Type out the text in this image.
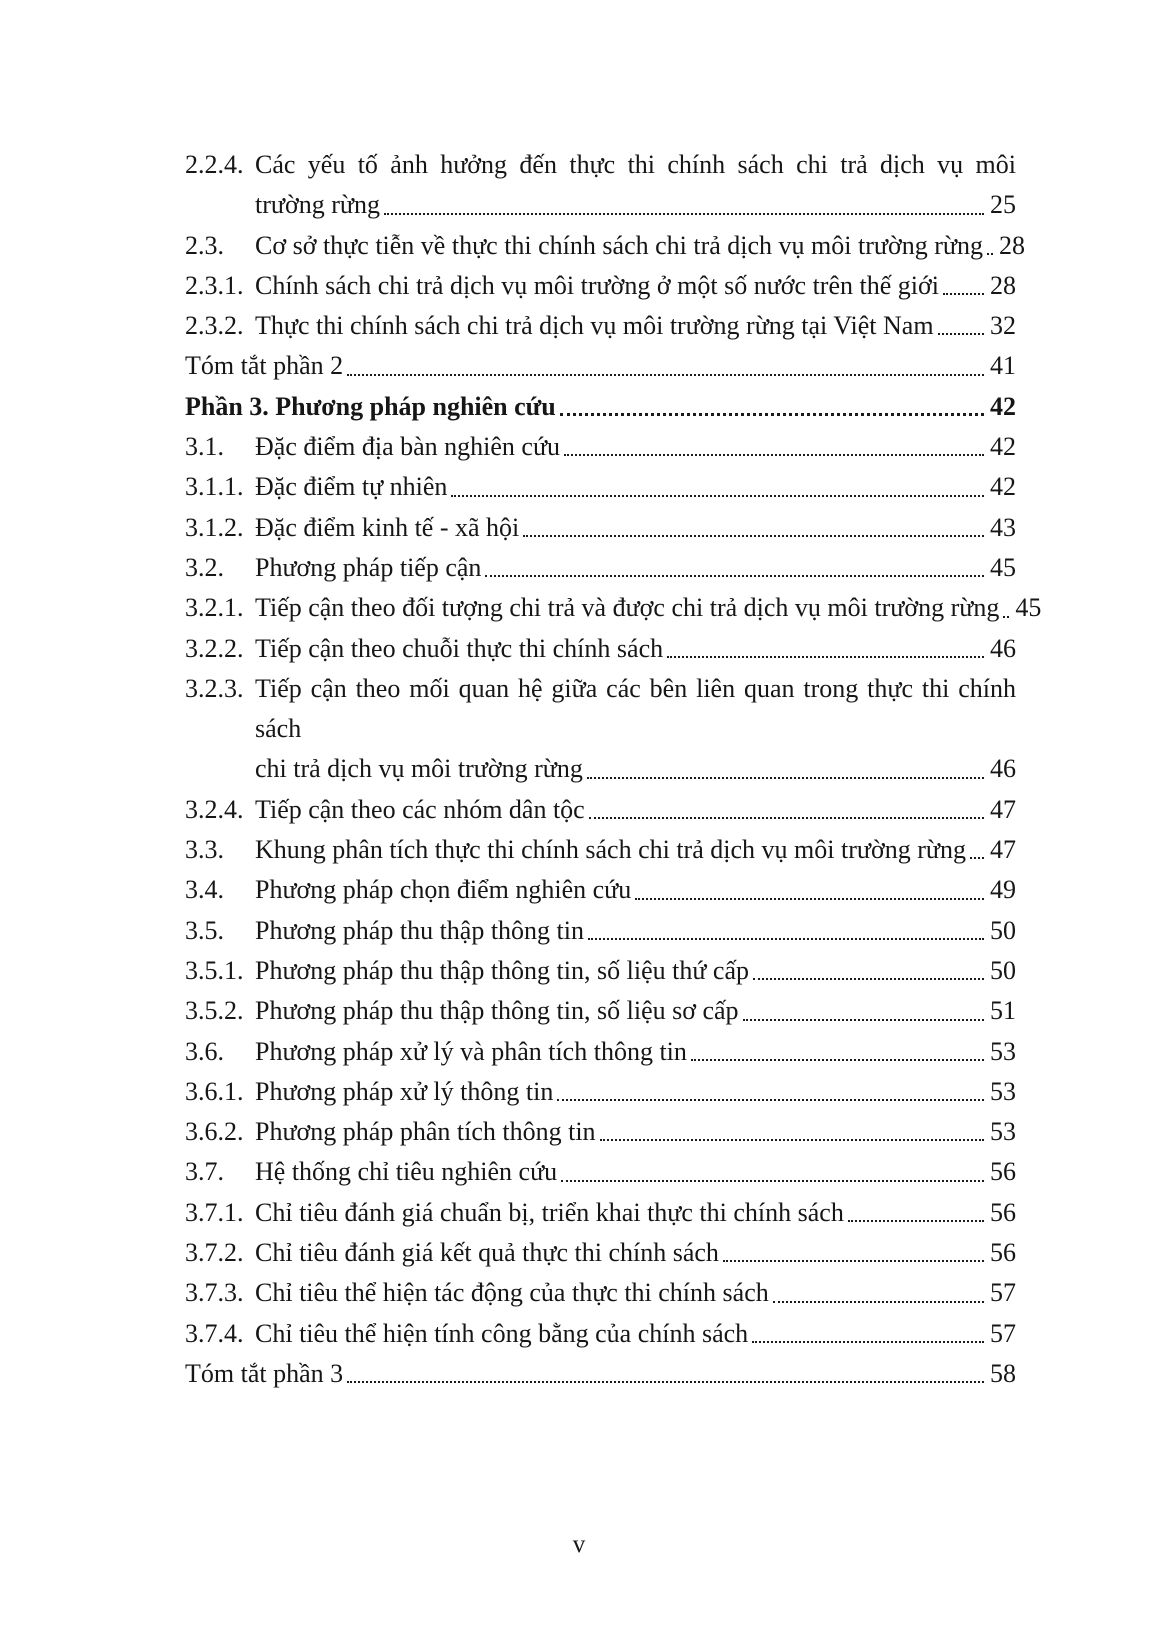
2.2.4. Các yếu tố ảnh hưởng đến thực thi chính sách chi trả dịch vụ môi
trường rừng	25
2.3.	Cơ sở thực tiễn về thực thi chính sách chi trả dịch vụ môi trường rừng 28
2.3.1. Chính sách chi trả dịch vụ môi trường ở một số nước trên thế giới 28
2.3.2. Thực thi chính sách chi trả dịch vụ môi trường rừng tại Việt Nam 32
Tóm tắt phần 2	41
Phần 3. Phương pháp nghiên cứu	42
3.1.	Đặc điểm địa bàn nghiên cứu	42
3.1.1. Đặc điểm tự nhiên	42
3.1.2. Đặc điểm kinh tế - xã hội	43
3.2.	Phương pháp tiếp cận	45
3.2.1. Tiếp cận theo đối tượng chi trả và được chi trả dịch vụ môi trường rừng 45
3.2.2. Tiếp cận theo chuỗi thực thi chính sách	46
3.2.3. Tiếp cận theo mối quan hệ giữa các bên liên quan trong thực thi chính sách
chi trả dịch vụ môi trường rừng	46
3.2.4. Tiếp cận theo các nhóm dân tộc	47
3.3.	Khung phân tích thực thi chính sách chi trả dịch vụ môi trường rừng 47
3.4.	Phương pháp chọn điểm nghiên cứu	49
3.5.	Phương pháp thu thập thông tin	50
3.5.1. Phương pháp thu thập thông tin, số liệu thứ cấp	50
3.5.2. Phương pháp thu thập thông tin, số liệu sơ cấp	51
3.6.	Phương pháp xử lý và phân tích thông tin	53
3.6.1. Phương pháp xử lý thông tin	53
3.6.2. Phương pháp phân tích thông tin	53
3.7.	Hệ thống chỉ tiêu nghiên cứu	56
3.7.1. Chỉ tiêu đánh giá chuẩn bị, triển khai thực thi chính sách	56
3.7.2. Chỉ tiêu đánh giá kết quả thực thi chính sách	56
3.7.3. Chỉ tiêu thể hiện tác động của thực thi chính sách	57
3.7.4. Chỉ tiêu thể hiện tính công bằng của chính sách	57
Tóm tắt phần 3	58
v
